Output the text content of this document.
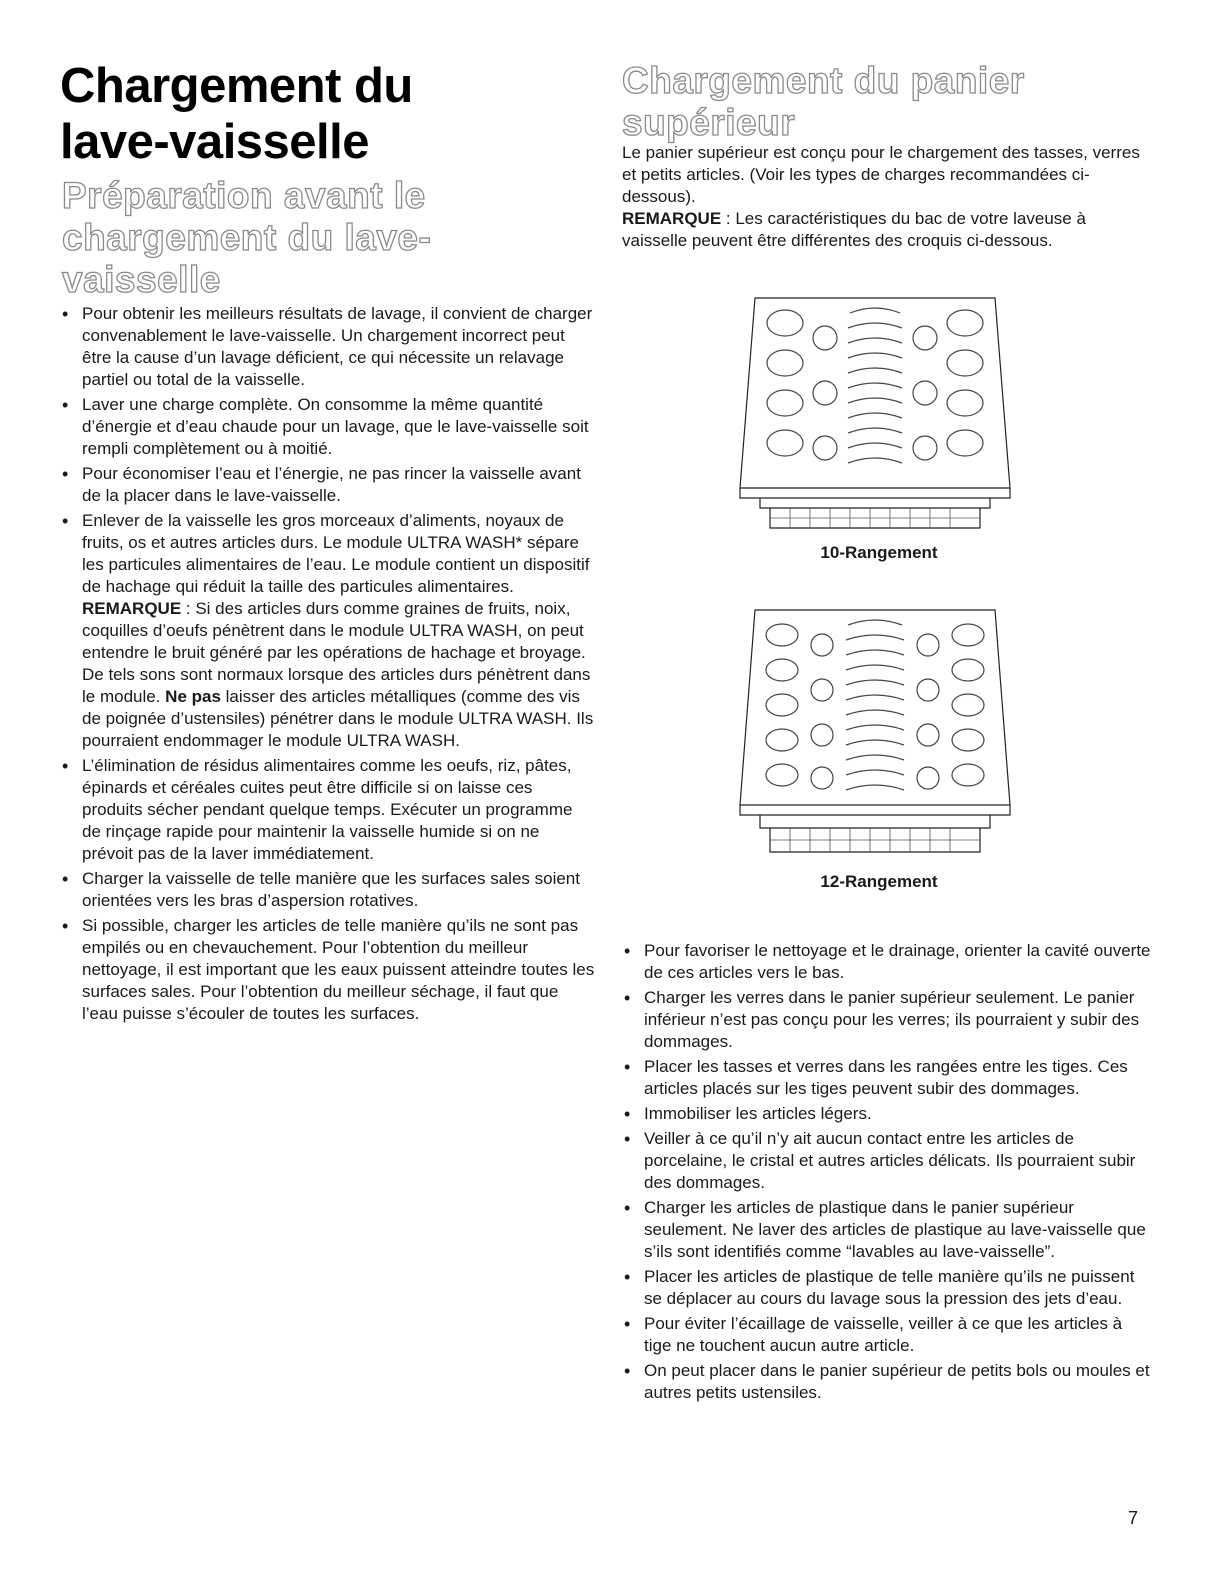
Chargement du
lave-vaisselle
Préparation avant le chargement du lave-vaisselle
• Pour obtenir les meilleurs résultats de lavage, il convient de charger convenablement le lave-vaisselle. Un chargement incorrect peut être la cause d’un lavage déficient, ce qui nécessite un relavage partiel ou total de la vaisselle.
• Laver une charge complète. On consomme la même quantité d’énergie et d’eau chaude pour un lavage, que le lave-vaisselle soit rempli complètement ou à moitié.
• Pour économiser l’eau et l’énergie, ne pas rincer la vaisselle avant de la placer dans le lave-vaisselle.
• Enlever de la vaisselle les gros morceaux d’aliments, noyaux de fruits, os et autres articles durs. Le module ULTRA WASH* sépare les particules alimentaires de l’eau. Le module contient un dispositif de hachage qui réduit la taille des particules alimentaires.
REMARQUE : Si des articles durs comme graines de fruits, noix, coquilles d’oeufs pénètrent dans le module ULTRA WASH, on peut entendre le bruit généré par les opérations de hachage et broyage. De tels sons sont normaux lorsque des articles durs pénètrent dans le module. Ne pas laisser des articles métalliques (comme des vis de poignée d’ustensiles) pénétrer dans le module ULTRA WASH. Ils pourraient endommager le module ULTRA WASH.
• L’élimination de résidus alimentaires comme les oeufs, riz, pâtes, épinards et céréales cuites peut être difficile si on laisse ces produits sécher pendant quelque temps. Exécuter un programme de rinçage rapide pour maintenir la vaisselle humide si on ne prévoit pas de la laver immédiatement.
• Charger la vaisselle de telle manière que les surfaces sales soient orientées vers les bras d’aspersion rotatives.
• Si possible, charger les articles de telle manière qu’ils ne sont pas empilés ou en chevauchement. Pour l’obtention du meilleur nettoyage, il est important que les eaux puissent atteindre toutes les surfaces sales. Pour l’obtention du meilleur séchage, il faut que l’eau puisse s’écouler de toutes les surfaces.
Chargement du panier supérieur
Le panier supérieur est conçu pour le chargement des tasses, verres et petits articles. (Voir les types de charges recommandées ci-dessous).
REMARQUE : Les caractéristiques du bac de votre laveuse à vaisselle peuvent être différentes des croquis ci-dessous.
10-Rangement
12-Rangement
• Pour favoriser le nettoyage et le drainage, orienter la cavité ouverte de ces articles vers le bas.
• Charger les verres dans le panier supérieur seulement. Le panier inférieur n’est pas conçu pour les verres; ils pourraient y subir des dommages.
• Placer les tasses et verres dans les rangées entre les tiges. Ces articles placés sur les tiges peuvent subir des dommages.
• Immobiliser les articles légers.
• Veiller à ce qu’il n’y ait aucun contact entre les articles de porcelaine, le cristal et autres articles délicats. Ils pourraient subir des dommages.
• Charger les articles de plastique dans le panier supérieur seulement. Ne laver des articles de plastique au lave-vaisselle que s’ils sont identifiés comme “lavables au lave-vaisselle”.
• Placer les articles de plastique de telle manière qu’ils ne puissent se déplacer au cours du lavage sous la pression des jets d’eau.
• Pour éviter l’écaillage de vaisselle, veiller à ce que les articles à tige ne touchent aucun autre article.
• On peut placer dans le panier supérieur de petits bols ou moules et autres petits ustensiles.
7
